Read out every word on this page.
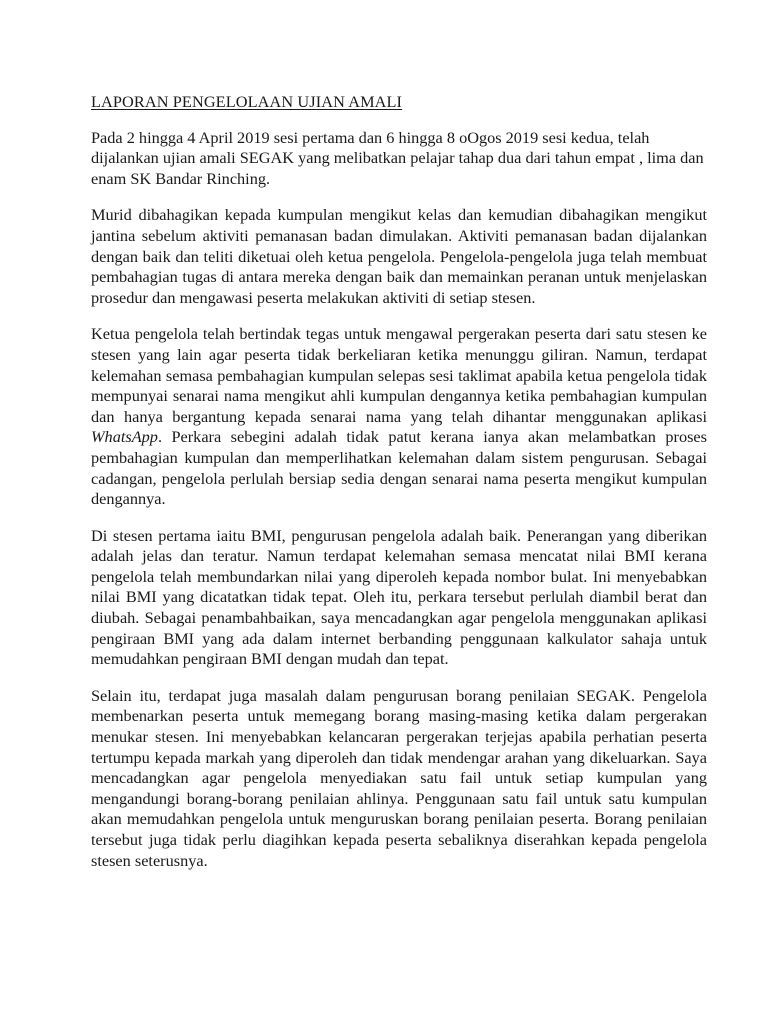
LAPORAN PENGELOLAAN UJIAN AMALI

Pada 2 hingga 4 April 2019 sesi pertama dan 6 hingga 8 oOgos 2019 sesi kedua, telah dijalankan ujian amali SEGAK yang melibatkan pelajar tahap dua dari tahun empat , lima dan enam SK Bandar Rinching.

Murid dibahagikan kepada kumpulan mengikut kelas dan kemudian dibahagikan mengikut jantina sebelum aktiviti pemanasan badan dimulakan. Aktiviti pemanasan badan dijalankan dengan baik dan teliti diketuai oleh ketua pengelola. Pengelola-pengelola juga telah membuat pembahagian tugas di antara mereka dengan baik dan memainkan peranan untuk menjelaskan prosedur dan mengawasi peserta melakukan aktiviti di setiap stesen.

Ketua pengelola telah bertindak tegas untuk mengawal pergerakan peserta dari satu stesen ke stesen yang lain agar peserta tidak berkeliaran ketika menunggu giliran. Namun, terdapat kelemahan semasa pembahagian kumpulan selepas sesi taklimat apabila ketua pengelola tidak mempunyai senarai nama mengikut ahli kumpulan dengannya ketika pembahagian kumpulan dan hanya bergantung kepada senarai nama yang telah dihantar menggunakan aplikasi WhatsApp. Perkara sebegini adalah tidak patut kerana ianya akan melambatkan proses pembahagian kumpulan dan memperlihatkan kelemahan dalam sistem pengurusan. Sebagai cadangan, pengelola perlulah bersiap sedia dengan senarai nama peserta mengikut kumpulan dengannya.

Di stesen pertama iaitu BMI, pengurusan pengelola adalah baik. Penerangan yang diberikan adalah jelas dan teratur. Namun terdapat kelemahan semasa mencatat nilai BMI kerana pengelola telah membundarkan nilai yang diperoleh kepada nombor bulat. Ini menyebabkan nilai BMI yang dicatatkan tidak tepat. Oleh itu, perkara tersebut perlulah diambil berat dan diubah. Sebagai penambahbaikan, saya mencadangkan agar pengelola menggunakan aplikasi pengiraan BMI yang ada dalam internet berbanding penggunaan kalkulator sahaja untuk memudahkan pengiraan BMI dengan mudah dan tepat.

Selain itu, terdapat juga masalah dalam pengurusan borang penilaian SEGAK. Pengelola membenarkan peserta untuk memegang borang masing-masing ketika dalam pergerakan menukar stesen. Ini menyebabkan kelancaran pergerakan terjejas apabila perhatian peserta tertumpu kepada markah yang diperoleh dan tidak mendengar arahan yang dikeluarkan. Saya mencadangkan agar pengelola menyediakan satu fail untuk setiap kumpulan yang mengandungi borang-borang penilaian ahlinya. Penggunaan satu fail untuk satu kumpulan akan memudahkan pengelola untuk menguruskan borang penilaian peserta. Borang penilaian tersebut juga tidak perlu diagihkan kepada peserta sebaliknya diserahkan kepada pengelola stesen seterusnya.
